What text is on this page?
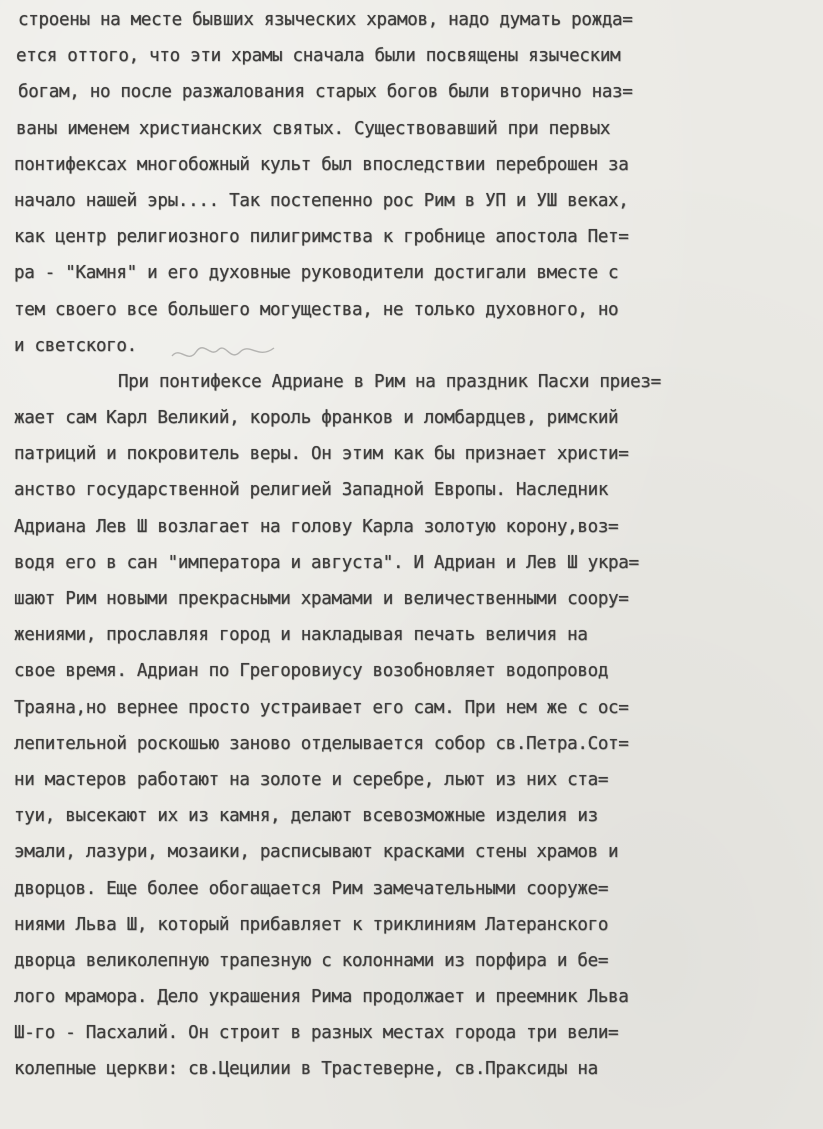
строены на месте бывших языческих храмов, надо думать рожда=
ется оттого, что эти храмы сначала были посвящены языческим
богам, но после разжалования старых богов были вторично наз=
ваны именем христианских святых. Существовавший при первых
понтифексах многобожный культ был впоследствии переброшен за
начало нашей эры.... Так постепенно рос Рим в УП и УШ веках,
как центр религиозного пилигримства к гробнице апостола Пет=
ра - "Камня" и его духовные руководители достигали вместе с
тем своего все большего могущества, не только духовного, но
и светского.
При понтифексе Адриане в Рим на праздник Пасхи приез=
жает сам Карл Великий, король франков и ломбардцев, римский
патриций и покровитель веры. Он этим как бы признает христи=
анство государственной религией Западной Европы. Наследник
Адриана Лев Ш возлагает на голову Карла золотую корону,воз=
водя его в сан "императора и августа". И Адриан и Лев Ш укра=
шают Рим новыми прекрасными храмами и величественными соору=
жениями, прославляя город и накладывая печать величия на
свое время. Адриан по Грегоровиусу возобновляет водопровод
Траяна,но вернее просто устраивает его сам. При нем же с ос=
лепительной роскошью заново отделывается собор св.Петра.Сот=
ни мастеров работают на золоте и серебре, льют из них ста=
туи, высекают их из камня, делают всевозможные изделия из
эмали, лазури, мозаики, расписывают красками стены храмов и
дворцов. Еще более обогащается Рим замечательными сооруже=
ниями Льва Ш, который прибавляет к триклиниям Латеранского
дворца великолепную трапезную с колоннами из порфира и бе=
лого мрамора. Дело украшения Рима продолжает и преемник Льва
Ш-го - Пасхалий. Он строит в разных местах города три вели=
колепные церкви: св.Цецилии в Трастеверне, св.Праксиды на
